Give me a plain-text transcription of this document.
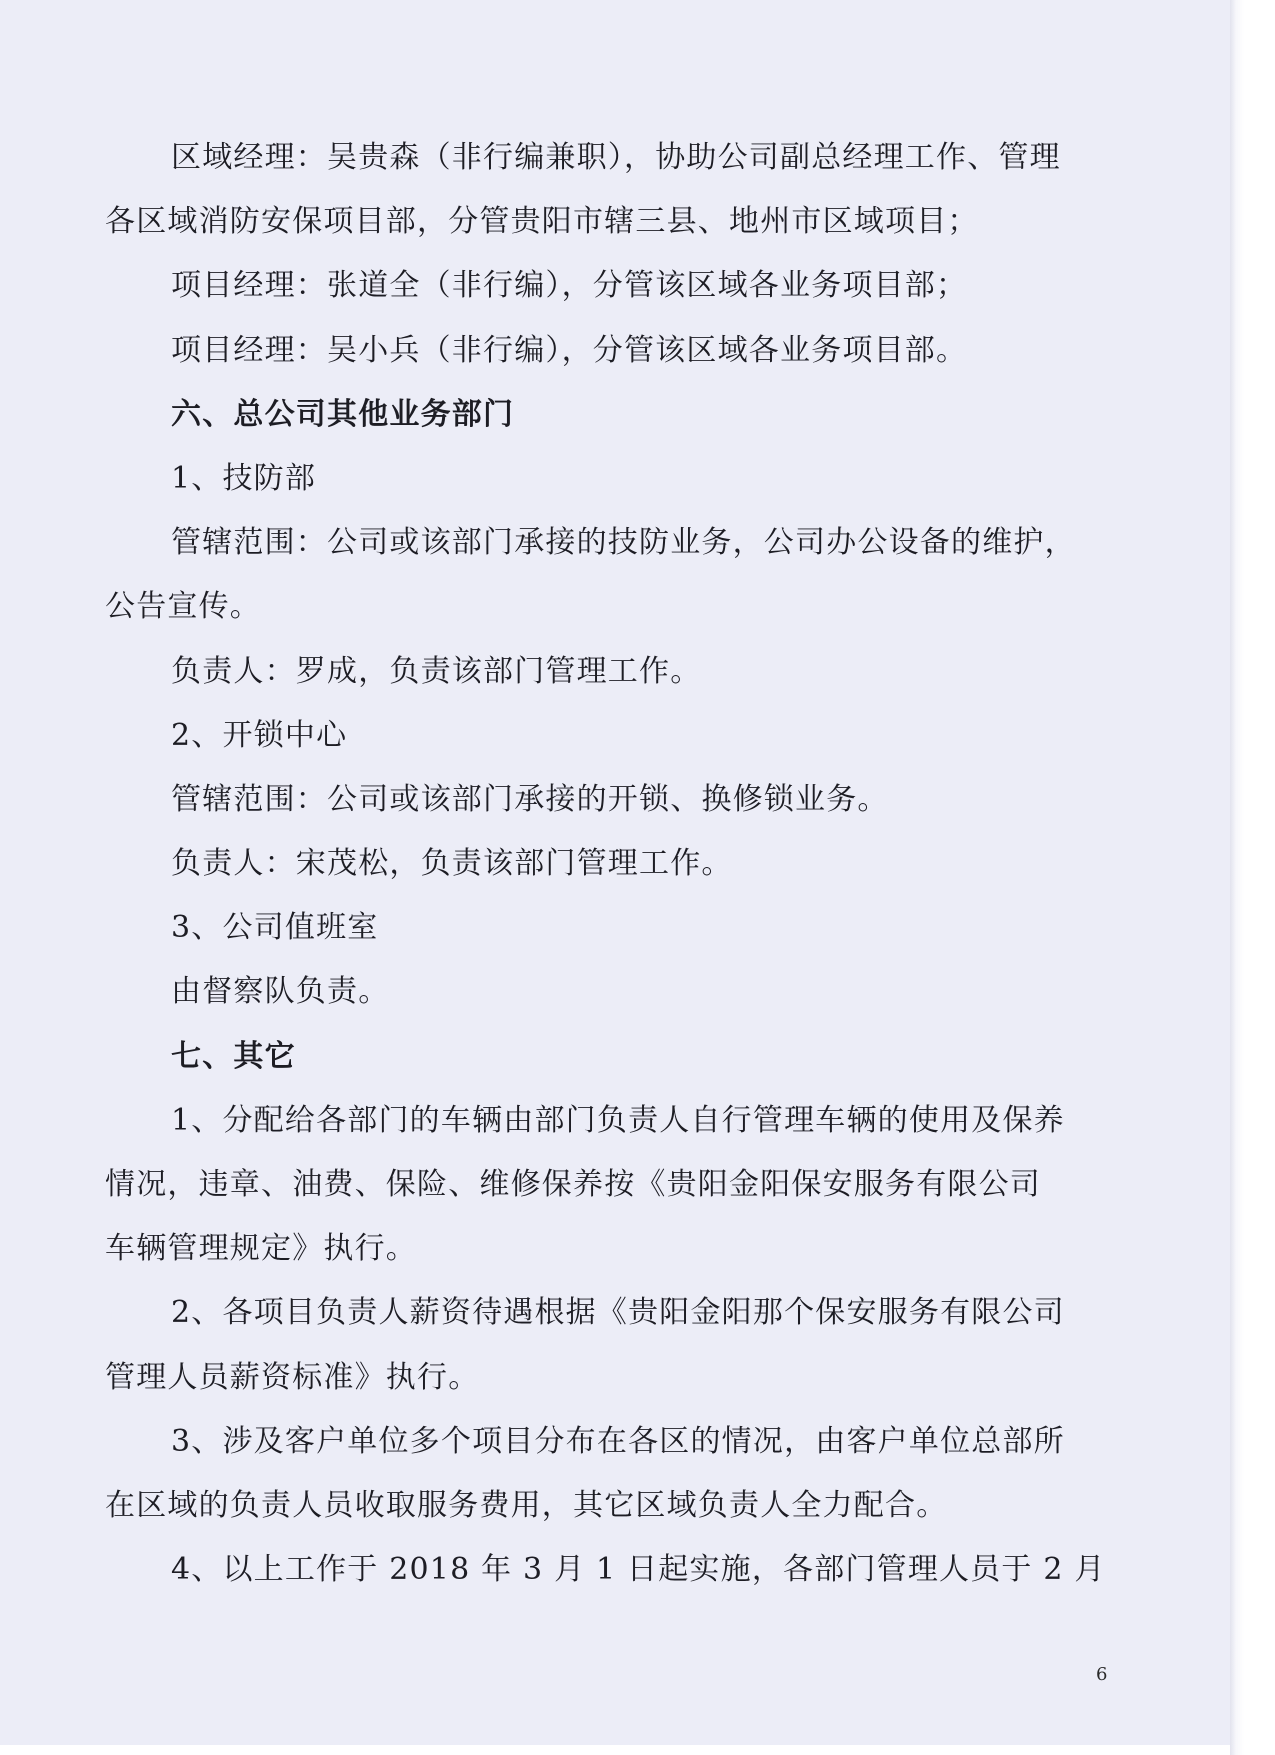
区域经理：吴贵森（非行编兼职），协助公司副总经理工作、管理

各区域消防安保项目部，分管贵阳市辖三县、地州市区域项目；

项目经理：张道全（非行编），分管该区域各业务项目部；

项目经理：吴小兵（非行编），分管该区域各业务项目部。

六、总公司其他业务部门

1、技防部

管辖范围：公司或该部门承接的技防业务，公司办公设备的维护，

公告宣传。

负责人：罗成，负责该部门管理工作。

2、开锁中心

管辖范围：公司或该部门承接的开锁、换修锁业务。

负责人：宋茂松，负责该部门管理工作。

3、公司值班室

由督察队负责。

七、其它

1、分配给各部门的车辆由部门负责人自行管理车辆的使用及保养

情况，违章、油费、保险、维修保养按《贵阳金阳保安服务有限公司

车辆管理规定》执行。

2、各项目负责人薪资待遇根据《贵阳金阳那个保安服务有限公司

管理人员薪资标准》执行。

3、涉及客户单位多个项目分布在各区的情况，由客户单位总部所

在区域的负责人员收取服务费用，其它区域负责人全力配合。

4、以上工作于 2018 年 3 月 1 日起实施，各部门管理人员于 2 月

6
